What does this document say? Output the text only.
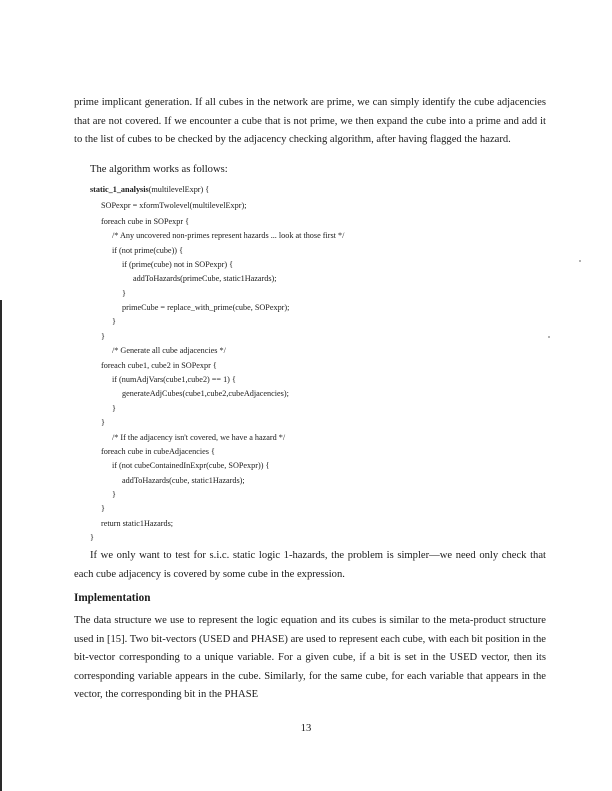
prime implicant generation. If all cubes in the network are prime, we can simply identify the cube adjacencies that are not covered. If we encounter a cube that is not prime, we then expand the cube into a prime and add it to the list of cubes to be checked by the adjacency checking algorithm, after having flagged the hazard.

The algorithm works as follows:

static_1_analysis(multilevelExpr) {
SOPexpr = xformTwolevel(multilevelExpr);
foreach cube in SOPexpr {
/* Any uncovered non-primes represent hazards ... look at those first */
if (not prime(cube)) {
if (prime(cube) not in SOPexpr) {
addToHazards(primeCube, static1Hazards);
}
primeCube = replace_with_prime(cube, SOPexpr);
}
}
/* Generate all cube adjacencies */
foreach cube1, cube2 in SOPexpr {
if (numAdjVars(cube1,cube2) == 1) {
generateAdjCubes(cube1,cube2,cubeAdjacencies);
}
}
/* If the adjacency isn't covered, we have a hazard */
foreach cube in cubeAdjacencies {
if (not cubeContainedInExpr(cube, SOPexpr)) {
addToHazards(cube, static1Hazards);
}
}
return static1Hazards;
}

If we only want to test for s.i.c. static logic 1-hazards, the problem is simpler—we need only check that each cube adjacency is covered by some cube in the expression.

Implementation

The data structure we use to represent the logic equation and its cubes is similar to the meta-product structure used in [15]. Two bit-vectors (USED and PHASE) are used to represent each cube, with each bit position in the bit-vector corresponding to a unique variable. For a given cube, if a bit is set in the USED vector, then its corresponding variable appears in the cube. Similarly, for the same cube, for each variable that appears in the vector, the corresponding bit in the PHASE

13
